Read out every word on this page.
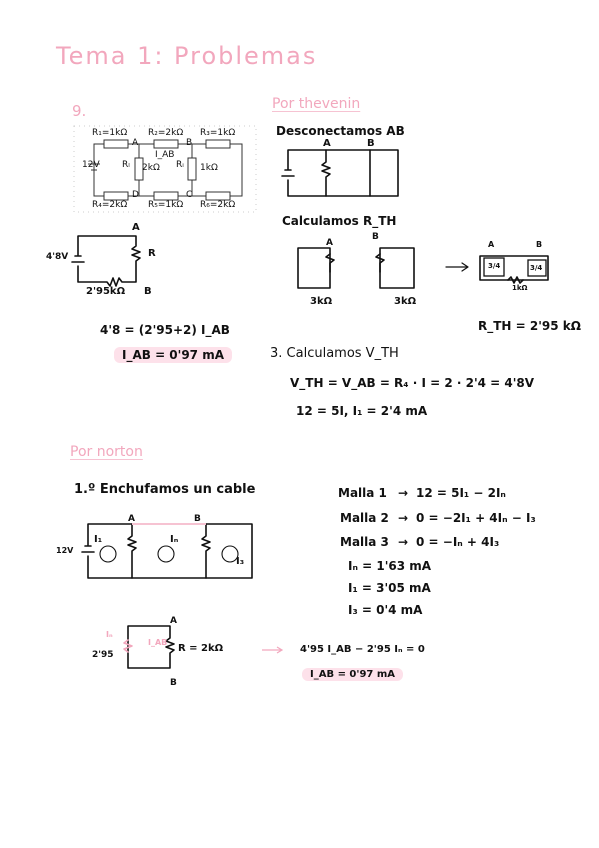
Tema 1: Problemas
9.
R₁=1kΩ R₂=2kΩ R₃=1kΩ
R₄=2kΩ R₅=1kΩ R₆=2kΩ
12V Rₗ 2kΩ Rᵢ 1kΩ
I_AB
A	B
C
D
4'8V
A
R
2'95kΩ B
4'8 = (2'95+2) I_AB
I_AB = 0'97 mA
Por thevenin
Desconectamos AB
A	B
Calculamos R_TH
A
B
3kΩ	3kΩ
A	B
3/4	3/4
1kΩ
R_TH = 2'95 kΩ
3. Calculamos V_TH
V_TH = V_AB = R₄ · I = 2 · 2'4 = 4'8V
12 = 5I, I₁ = 2'4 mA
Por norton
1.º Enchufamos un cable
12V
I₁	Iₙ
I₃
A	B
Malla 1 → 12 = 5I₁ − 2Iₙ
Malla 2 → 0 = −2I₁ + 4Iₙ − I₃
Malla 3 → 0 = −Iₙ + 4I₃
Iₙ = 1'63 mA
I₁ = 3'05 mA
I₃ = 0'4 mA
Iₙ
I_AB
2'95
R = 2kΩ
A
B
4'95 I_AB − 2'95 Iₙ = 0
I_AB = 0'97 mA
